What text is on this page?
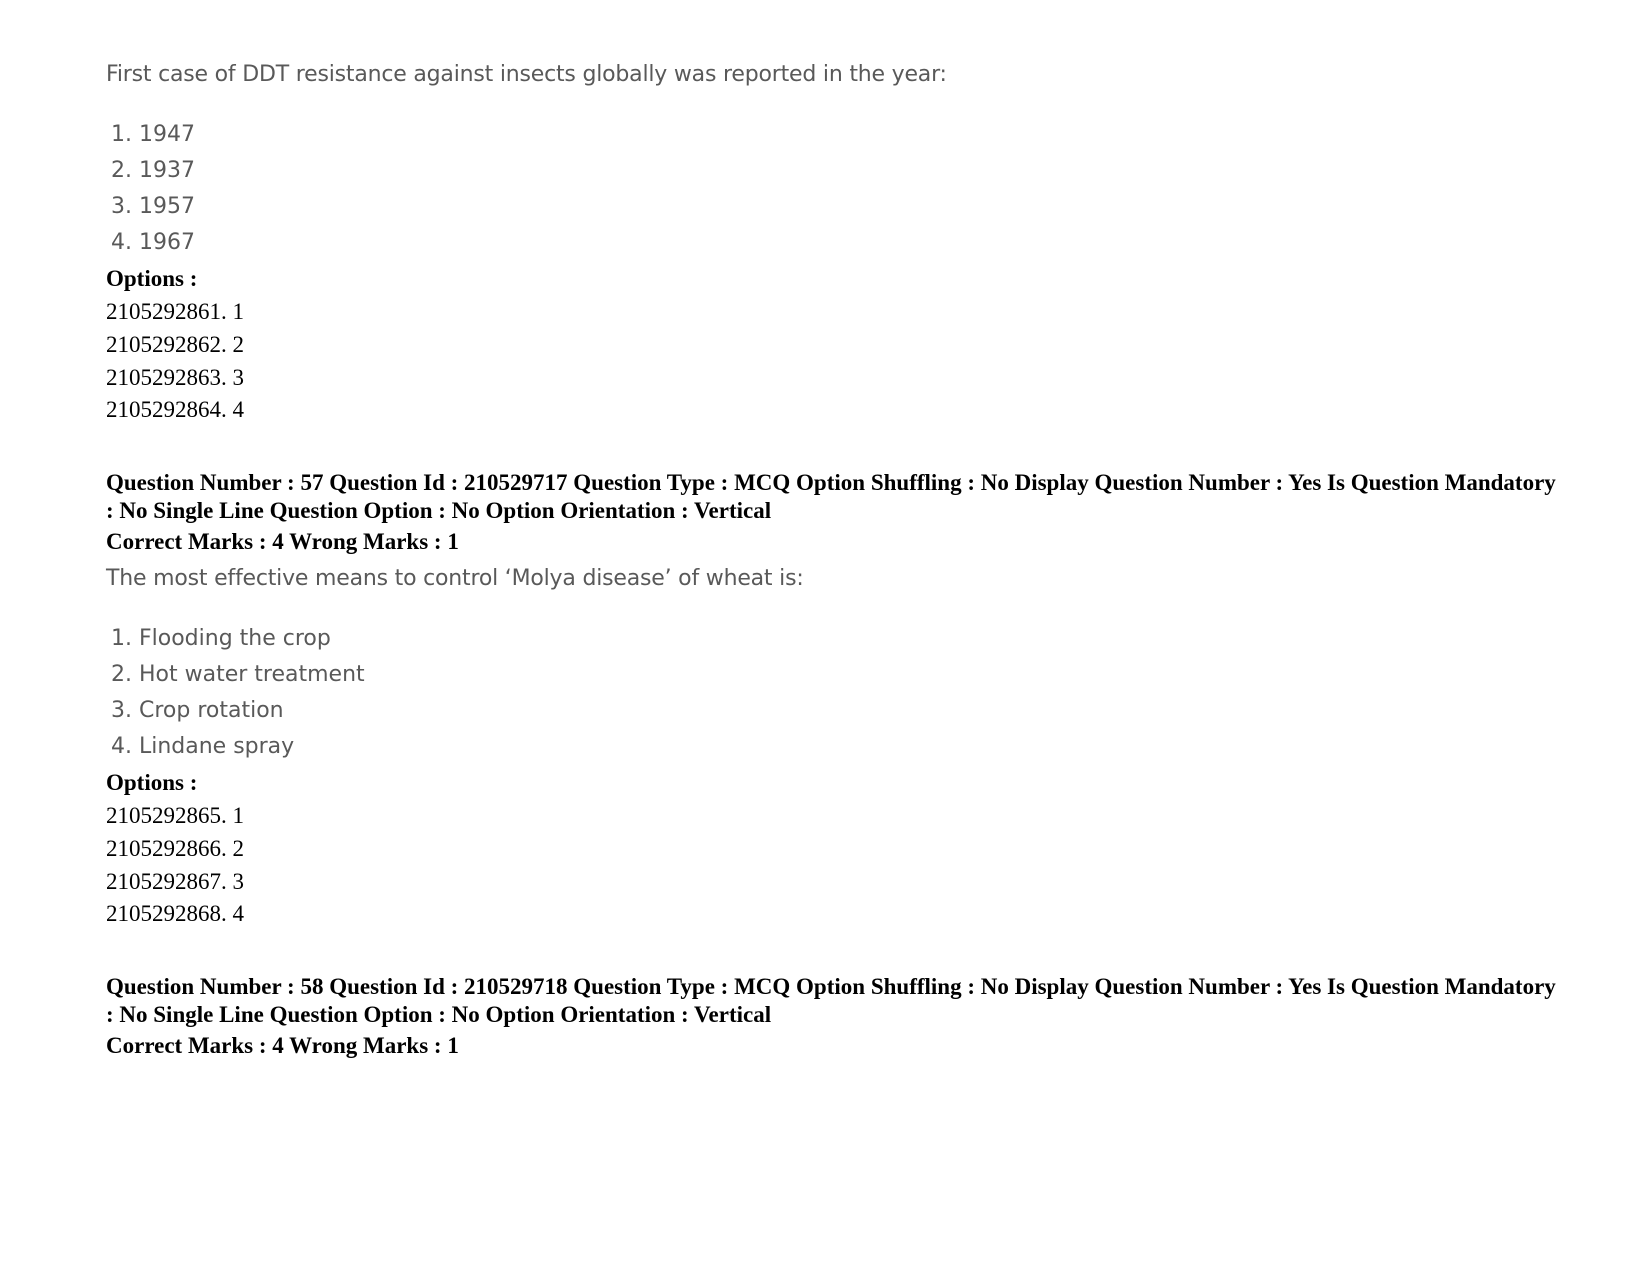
First case of DDT resistance against insects globally was reported in the year:
1. 1947
2. 1937
3. 1957
4. 1967
Options :
2105292861. 1
2105292862. 2
2105292863. 3
2105292864. 4
Question Number : 57 Question Id : 210529717 Question Type : MCQ Option Shuffling : No Display Question Number : Yes Is Question Mandatory : No Single Line Question Option : No Option Orientation : Vertical
Correct Marks : 4 Wrong Marks : 1
The most effective means to control ‘Molya disease’ of wheat is:
1. Flooding the crop
2. Hot water treatment
3. Crop rotation
4. Lindane spray
Options :
2105292865. 1
2105292866. 2
2105292867. 3
2105292868. 4
Question Number : 58 Question Id : 210529718 Question Type : MCQ Option Shuffling : No Display Question Number : Yes Is Question Mandatory : No Single Line Question Option : No Option Orientation : Vertical
Correct Marks : 4 Wrong Marks : 1
